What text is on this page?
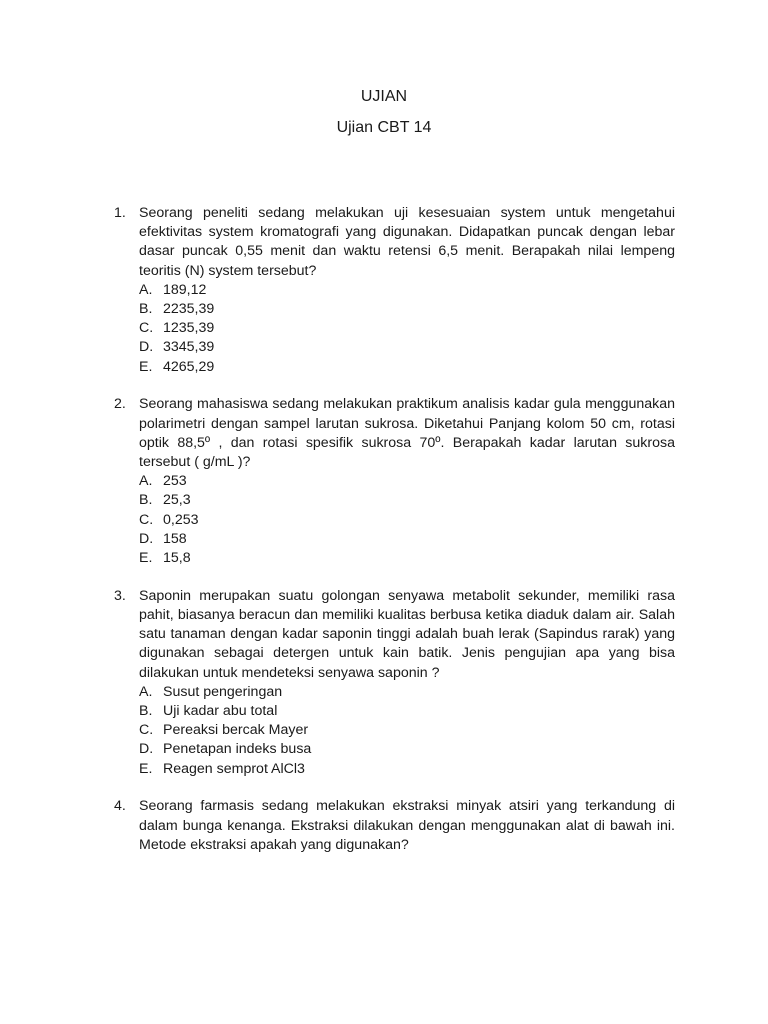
UJIAN
Ujian CBT 14
1. Seorang peneliti sedang melakukan uji kesesuaian system untuk mengetahui efektivitas system kromatografi yang digunakan. Didapatkan puncak dengan lebar dasar puncak 0,55 menit dan waktu retensi 6,5 menit. Berapakah nilai lempeng teoritis (N) system tersebut?

A. 189,12
B. 2235,39
C. 1235,39
D. 3345,39
E. 4265,29
2. Seorang mahasiswa sedang melakukan praktikum analisis kadar gula menggunakan polarimetri dengan sampel larutan sukrosa. Diketahui Panjang kolom 50 cm, rotasi optik 88,5º , dan rotasi spesifik sukrosa 70º. Berapakah kadar larutan sukrosa tersebut ( g/mL )?

A. 253
B. 25,3
C. 0,253
D. 158
E. 15,8
3. Saponin merupakan suatu golongan senyawa metabolit sekunder, memiliki rasa pahit, biasanya beracun dan memiliki kualitas berbusa ketika diaduk dalam air. Salah satu tanaman dengan kadar saponin tinggi adalah buah lerak (Sapindus rarak) yang digunakan sebagai detergen untuk kain batik. Jenis pengujian apa yang bisa dilakukan untuk mendeteksi senyawa saponin ?

A. Susut pengeringan
B. Uji kadar abu total
C. Pereaksi bercak Mayer
D. Penetapan indeks busa
E. Reagen semprot AlCl3
4. Seorang farmasis sedang melakukan ekstraksi minyak atsiri yang terkandung di dalam bunga kenanga. Ekstraksi dilakukan dengan menggunakan alat di bawah ini. Metode ekstraksi apakah yang digunakan?
